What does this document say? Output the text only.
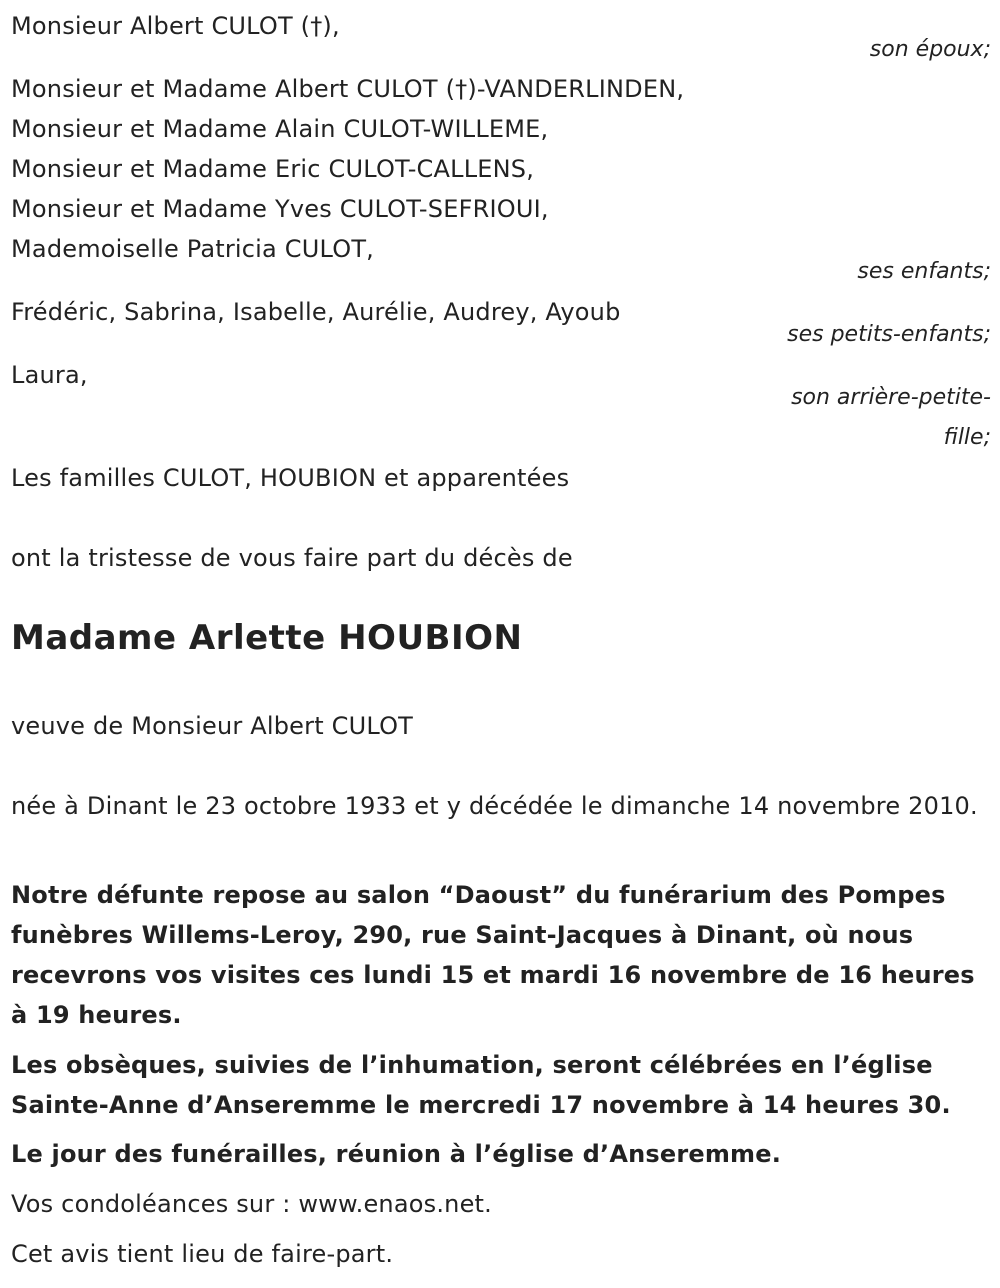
Monsieur Albert CULOT (†),
son époux;
Monsieur et Madame Albert CULOT (†)-VANDERLINDEN,
Monsieur et Madame Alain CULOT-WILLEME,
Monsieur et Madame Eric CULOT-CALLENS,
Monsieur et Madame Yves CULOT-SEFRIOUI,
Mademoiselle Patricia CULOT,
ses enfants;
Frédéric, Sabrina, Isabelle, Aurélie, Audrey, Ayoub
ses petits-enfants;
Laura,
son arrière-petite-
fille;
Les familles CULOT, HOUBION et apparentées
ont la tristesse de vous faire part du décès de
Madame Arlette HOUBION
veuve de Monsieur Albert CULOT
née à Dinant le 23 octobre 1933 et y décédée le dimanche 14 novembre 2010.
Notre défunte repose au salon “Daoust” du funérarium des Pompes funèbres Willems-Leroy, 290, rue Saint-Jacques à Dinant, où nous recevrons vos visites ces lundi 15 et mardi 16 novembre de 16 heures à 19 heures.
Les obsèques, suivies de l’inhumation, seront célébrées en l’église Sainte-Anne d’Anseremme le mercredi 17 novembre à 14 heures 30.
Le jour des funérailles, réunion à l’église d’Anseremme.
Vos condoléances sur : www.enaos.net.
Cet avis tient lieu de faire-part.
